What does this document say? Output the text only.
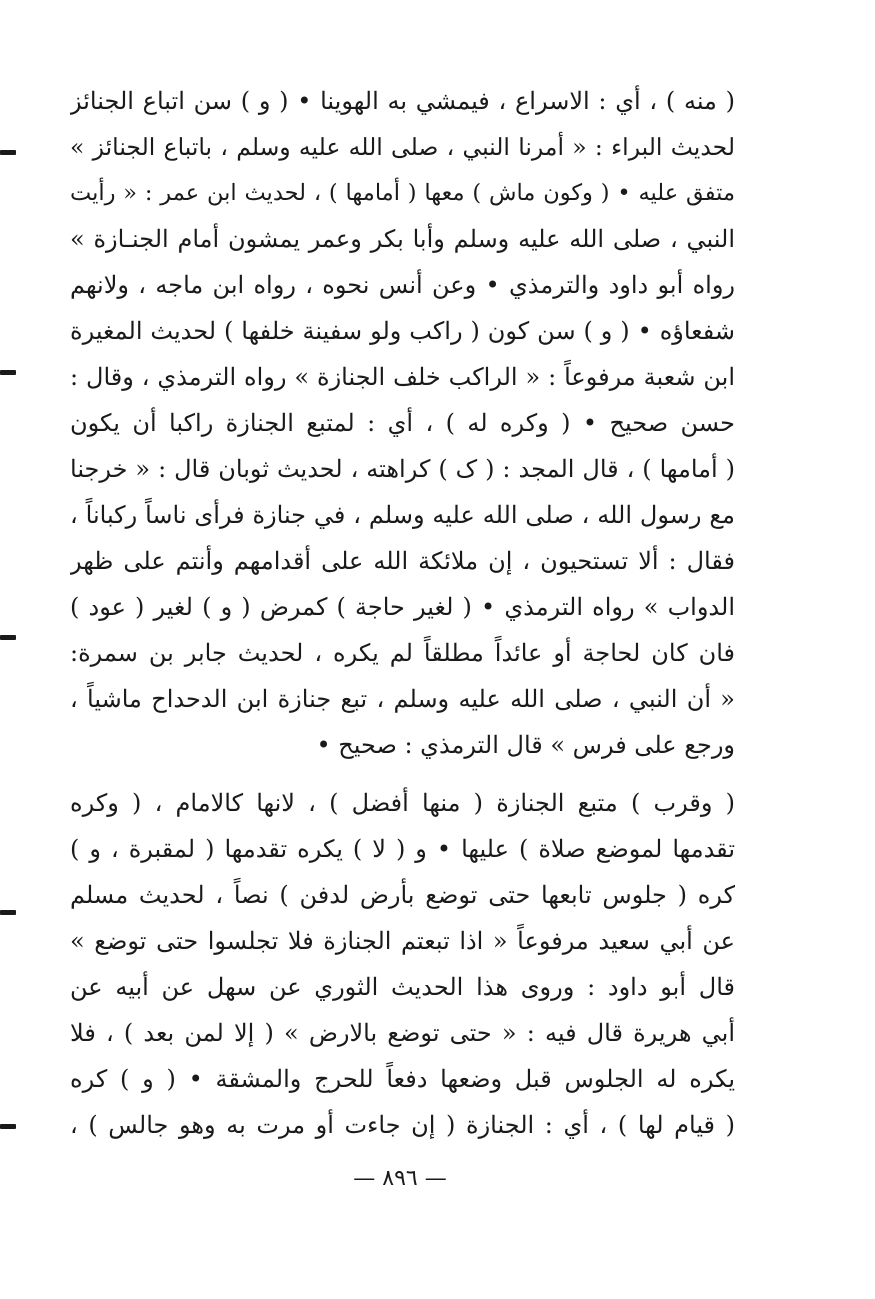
( منه ) ، أي : الاسراع ، فيمشي به الهوينا • ( و ) سن اتباع الجنائز
لحديث البراء : « أمرنا النبي ، صلى الله عليه وسلم ، باتباع الجنائز »
متفق عليه • ( وكون ماش ) معها ( أمامها ) ، لحديث ابن عمر : « رأيت
النبي ، صلى الله عليه وسلم وأبا بكر وعمر يمشون أمام الجنـازة »
رواه أبو داود والترمذي • وعن أنس نحوه ، رواه ابن ماجه ، ولانهم
شفعاؤه • ( و ) سن كون ( راكب ولو سفينة خلفها ) لحديث المغيرة
ابن شعبة مرفوعاً : « الراكب خلف الجنازة » رواه الترمذي ، وقال :
حسن صحيح • ( وكره له ) ، أي : لمتبع الجنازة راكبا أن يكون
( أمامها ) ، قال المجد : ( ک ) كراهته ، لحديث ثوبان قال : « خرجنا
مع رسول الله ، صلى الله عليه وسلم ، في جنازة فرأى ناساً ركباناً ،
فقال : ألا تستحيون ، إن ملائكة الله على أقدامهم وأنتم على ظهر
الدواب » رواه الترمذي • ( لغير حاجة ) كمرض ( و ) لغير ( عود )
فان كان لحاجة أو عائداً مطلقاً لم يكره ، لحديث جابر بن سمرة:
« أن النبي ، صلى الله عليه وسلم ، تبع جنازة ابن الدحداح ماشياً ،
ورجع على فرس » قال الترمذي : صحيح •
( وقرب ) متبع الجنازة ( منها أفضل ) ، لانها كالامام ، ( وكره
تقدمها لموضع صلاة ) عليها • و ( لا ) يكره تقدمها ( لمقبرة ، و )
كره ( جلوس تابعها حتى توضع بأرض لدفن ) نصاً ، لحديث مسلم
عن أبي سعيد مرفوعاً « اذا تبعتم الجنازة فلا تجلسوا حتى توضع »
قال أبو داود : وروى هذا الحديث الثوري عن سهل عن أبيه عن
أبي هريرة قال فيه : « حتى توضع بالارض » ( إلا لمن بعد ) ، فلا
يكره له الجلوس قبل وضعها دفعاً للحرج والمشقة • ( و ) كره
( قيام لها ) ، أي : الجنازة ( إن جاءت أو مرت به وهو جالس ) ،
— ٨٩٦ —
